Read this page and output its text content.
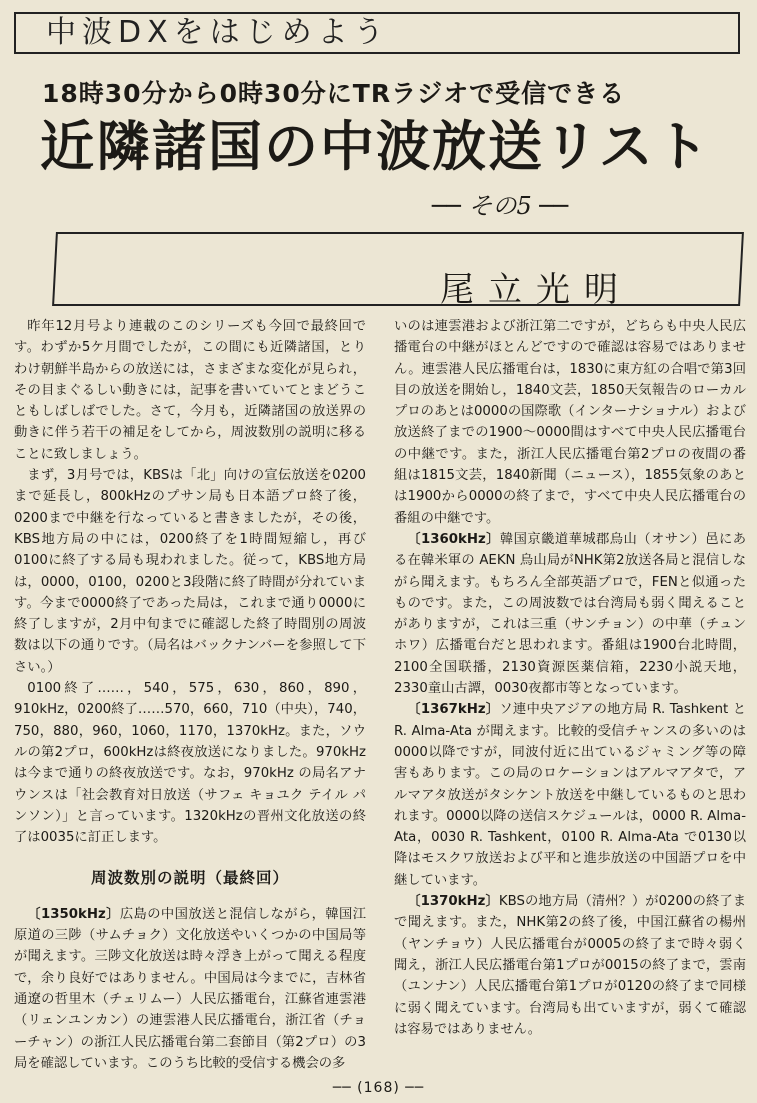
中波DXをはじめよう
18時30分から0時30分にTRラジオで受信できる
近隣諸国の中波放送リスト
── その5 ──
尾立光明

昨年12月号より連載のこのシリーズも今回で最終回です。わずか5ケ月間でしたが，この間にも近隣諸国，とりわけ朝鮮半島からの放送には，さまざまな変化が見られ，その目まぐるしい動きには，記事を書いていてとまどうこともしばしばでした。さて，今月も，近隣諸国の放送界の動きに伴う若干の補足をしてから，周波数別の説明に移ることに致しましょう。

まず，3月号では，KBSは「北」向けの宣伝放送を0200まで延長し，800kHzのプサン局も日本語プロ終了後，0200まで中継を行なっていると書きましたが，その後，KBS地方局の中には，0200終了を1時間短縮し，再び0100に終了する局も現われました。従って，KBS地方局は，0000，0100，0200と3段階に終了時間が分れています。今まで0000終了であった局は，これまで通り0000に終了しますが，2月中旬までに確認した終了時間別の周波数は以下の通りです。（局名はバックナンバーを参照して下さい。）

0100終了……，540，575，630，860，890，910kHz，0200終了……570，660，710（中央），740，750，880，960，1060，1170，1370kHz。また，ソウルの第2プロ，600kHzは終夜放送になりました。970kHz は今まで通りの終夜放送です。なお，970kHz の局名アナウンスは「社会教育対日放送（サフェ キョユク テイル パンソン）」と言っています。1320kHzの晋州文化放送の終了は0035に訂正します。

周波数別の説明（最終回）

〔1350kHz〕広島の中国放送と混信しながら，韓国江原道の三陟（サムチョク）文化放送やいくつかの中国局等が聞えます。三陟文化放送は時々浮き上がって聞える程度で，余り良好ではありません。中国局は今までに，吉林省通遼の哲里木（チェリムー）人民広播電台，江蘇省連雲港（リェンユンカン）の連雲港人民広播電台，浙江省（チョーチャン）の浙江人民広播電台第二套節目（第2プロ）の3局を確認しています。このうち比較的受信する機会の多

いのは連雲港および浙江第二ですが，どちらも中央人民広播電台の中継がほとんどですので確認は容易ではありません。連雲港人民広播電台は，1830に東方紅の合唱で第3回目の放送を開始し，1840文芸，1850天気報告のローカルプロのあとは0000の国際歌（インターナショナル）および放送終了までの1900〜0000間はすべて中央人民広播電台の中継です。また，浙江人民広播電台第2プロの夜間の番組は1815文芸，1840新聞（ニュース），1855気象のあとは1900から0000の終了まで，すべて中央人民広播電台の番組の中継です。

〔1360kHz〕韓国京畿道華城郡烏山（オサン）邑にある在韓米軍の AEKN 烏山局がNHK第2放送各局と混信しながら聞えます。もちろん全部英語プロで，FENと似通ったものです。また，この周波数では台湾局も弱く聞えることがありますが，これは三重（サンチョン）の中華（チュンホワ）広播電台だと思われます。番組は1900台北時間，2100全国联播，2130資源医薬信箱，2230小説天地，2330童山古譚，0030夜都市等となっています。

〔1367kHz〕ソ連中央アジアの地方局 R. Tashkent と R. Alma-Ata が聞えます。比較的受信チャンスの多いのは0000以降ですが，同波付近に出ているジャミング等の障害もあります。この局のロケーションはアルマアタで，アルマアタ放送がタシケント放送を中継しているものと思われます。0000以降の送信スケジュールは，0000 R. Alma-Ata，0030 R. Tashkent，0100 R. Alma-Ata で0130以降はモスクワ放送および平和と進歩放送の中国語プロを中継しています。

〔1370kHz〕KBSの地方局（清州？）が0200の終了まで聞えます。また，NHK第2の終了後，中国江蘇省の楊州（ヤンチョウ）人民広播電台が0005の終了まで時々弱く聞え，浙江人民広播電台第1プロが0015の終了まで，雲南（ユンナン）人民広播電台第1プロが0120の終了まで同様に弱く聞えています。台湾局も出ていますが，弱くて確認は容易ではありません。

── (168) ──
